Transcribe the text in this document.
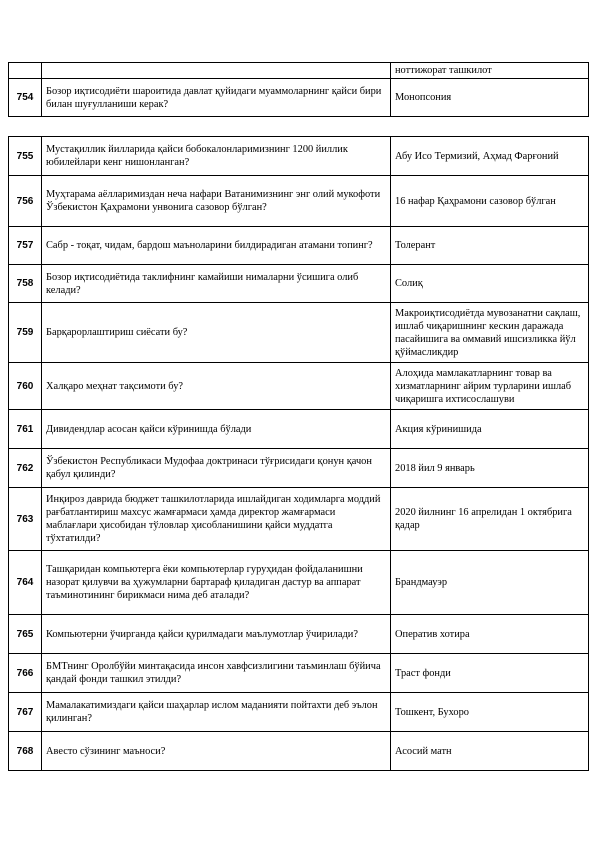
		ноттижорат ташкилот
754	Бозор иқтисодиёти шароитида давлат қуйидаги муаммоларнинг қайси бири билан шуғулланиши керак?	Монопсония
755	Мустақиллик йилларида қайси бобокалонларимизнинг 1200 йиллик юбилейлари кенг нишонланган?	Абу Исо Термизий, Аҳмад Фарғоний
756	Муҳтарама аёлларимиздан неча нафари Ватанимизнинг энг олий мукофоти Ўзбекистон Қаҳрамони унвонига сазовор бўлган?	16 нафар Қаҳрамони сазовор бўлган
757	Сабр - тоқат, чидам, бардош маъноларини билдирадиган атамани топинг?	Толерант
758	Бозор иқтисодиётида таклифнинг камайиши нималарни ўсишига олиб келади?	Солиқ
759	Барқарорлаштириш сиёсати бу?	Макроиқтисодиётда мувозанатни сақлаш, ишлаб чиқаришнинг кескин даражада пасайишига ва оммавий ишсизликка йўл қўймасликдир
760	Халқаро меҳнат тақсимоти бу?	Алоҳида мамлакатларнинг товар ва хизматларнинг айрим турларини ишлаб чиқаришга ихтисослашуви
761	Дивидендлар асосан қайси кўринишда бўлади	Акция кўринишида
762	Ўзбекистон Республикаси Мудофаа доктринаси тўғрисидаги қонун қачон қабул қилинди?	2018 йил 9 январь
763	Инқироз даврида бюджет ташкилотларида ишлайдиган ходимларга моддий рағбатлантириш махсус жамғармаси ҳамда директор жамғармаси маблағлари ҳисобидан тўловлар ҳисобланишини қайси муддатга тўхтатилди?	2020 йилнинг 16 апрелидан 1 октябрига қадар
764	Ташқаридан компьютерга ёки компьютерлар гуруҳидан фойдаланишни назорат қилувчи ва ҳужумларни бартараф қиладиган дастур ва аппарат таъминотининг бирикмаси нима деб аталади?	Брандмауэр
765	Компьютерни ўчирганда қайси қурилмадаги маълумотлар ўчирилади?	Оператив хотира
766	БМТнинг Оролбўйи минтақасида инсон хавфсизлигини таъминлаш бўйича қандай фонди ташкил этилди?	Траст фонди
767	Мамалакатимиздаги қайси шаҳарлар ислом маданияти пойтахти деб эълон қилинган?	Тошкент, Бухоро
768	Авесто сўзининг маъноси?	Асосий матн
